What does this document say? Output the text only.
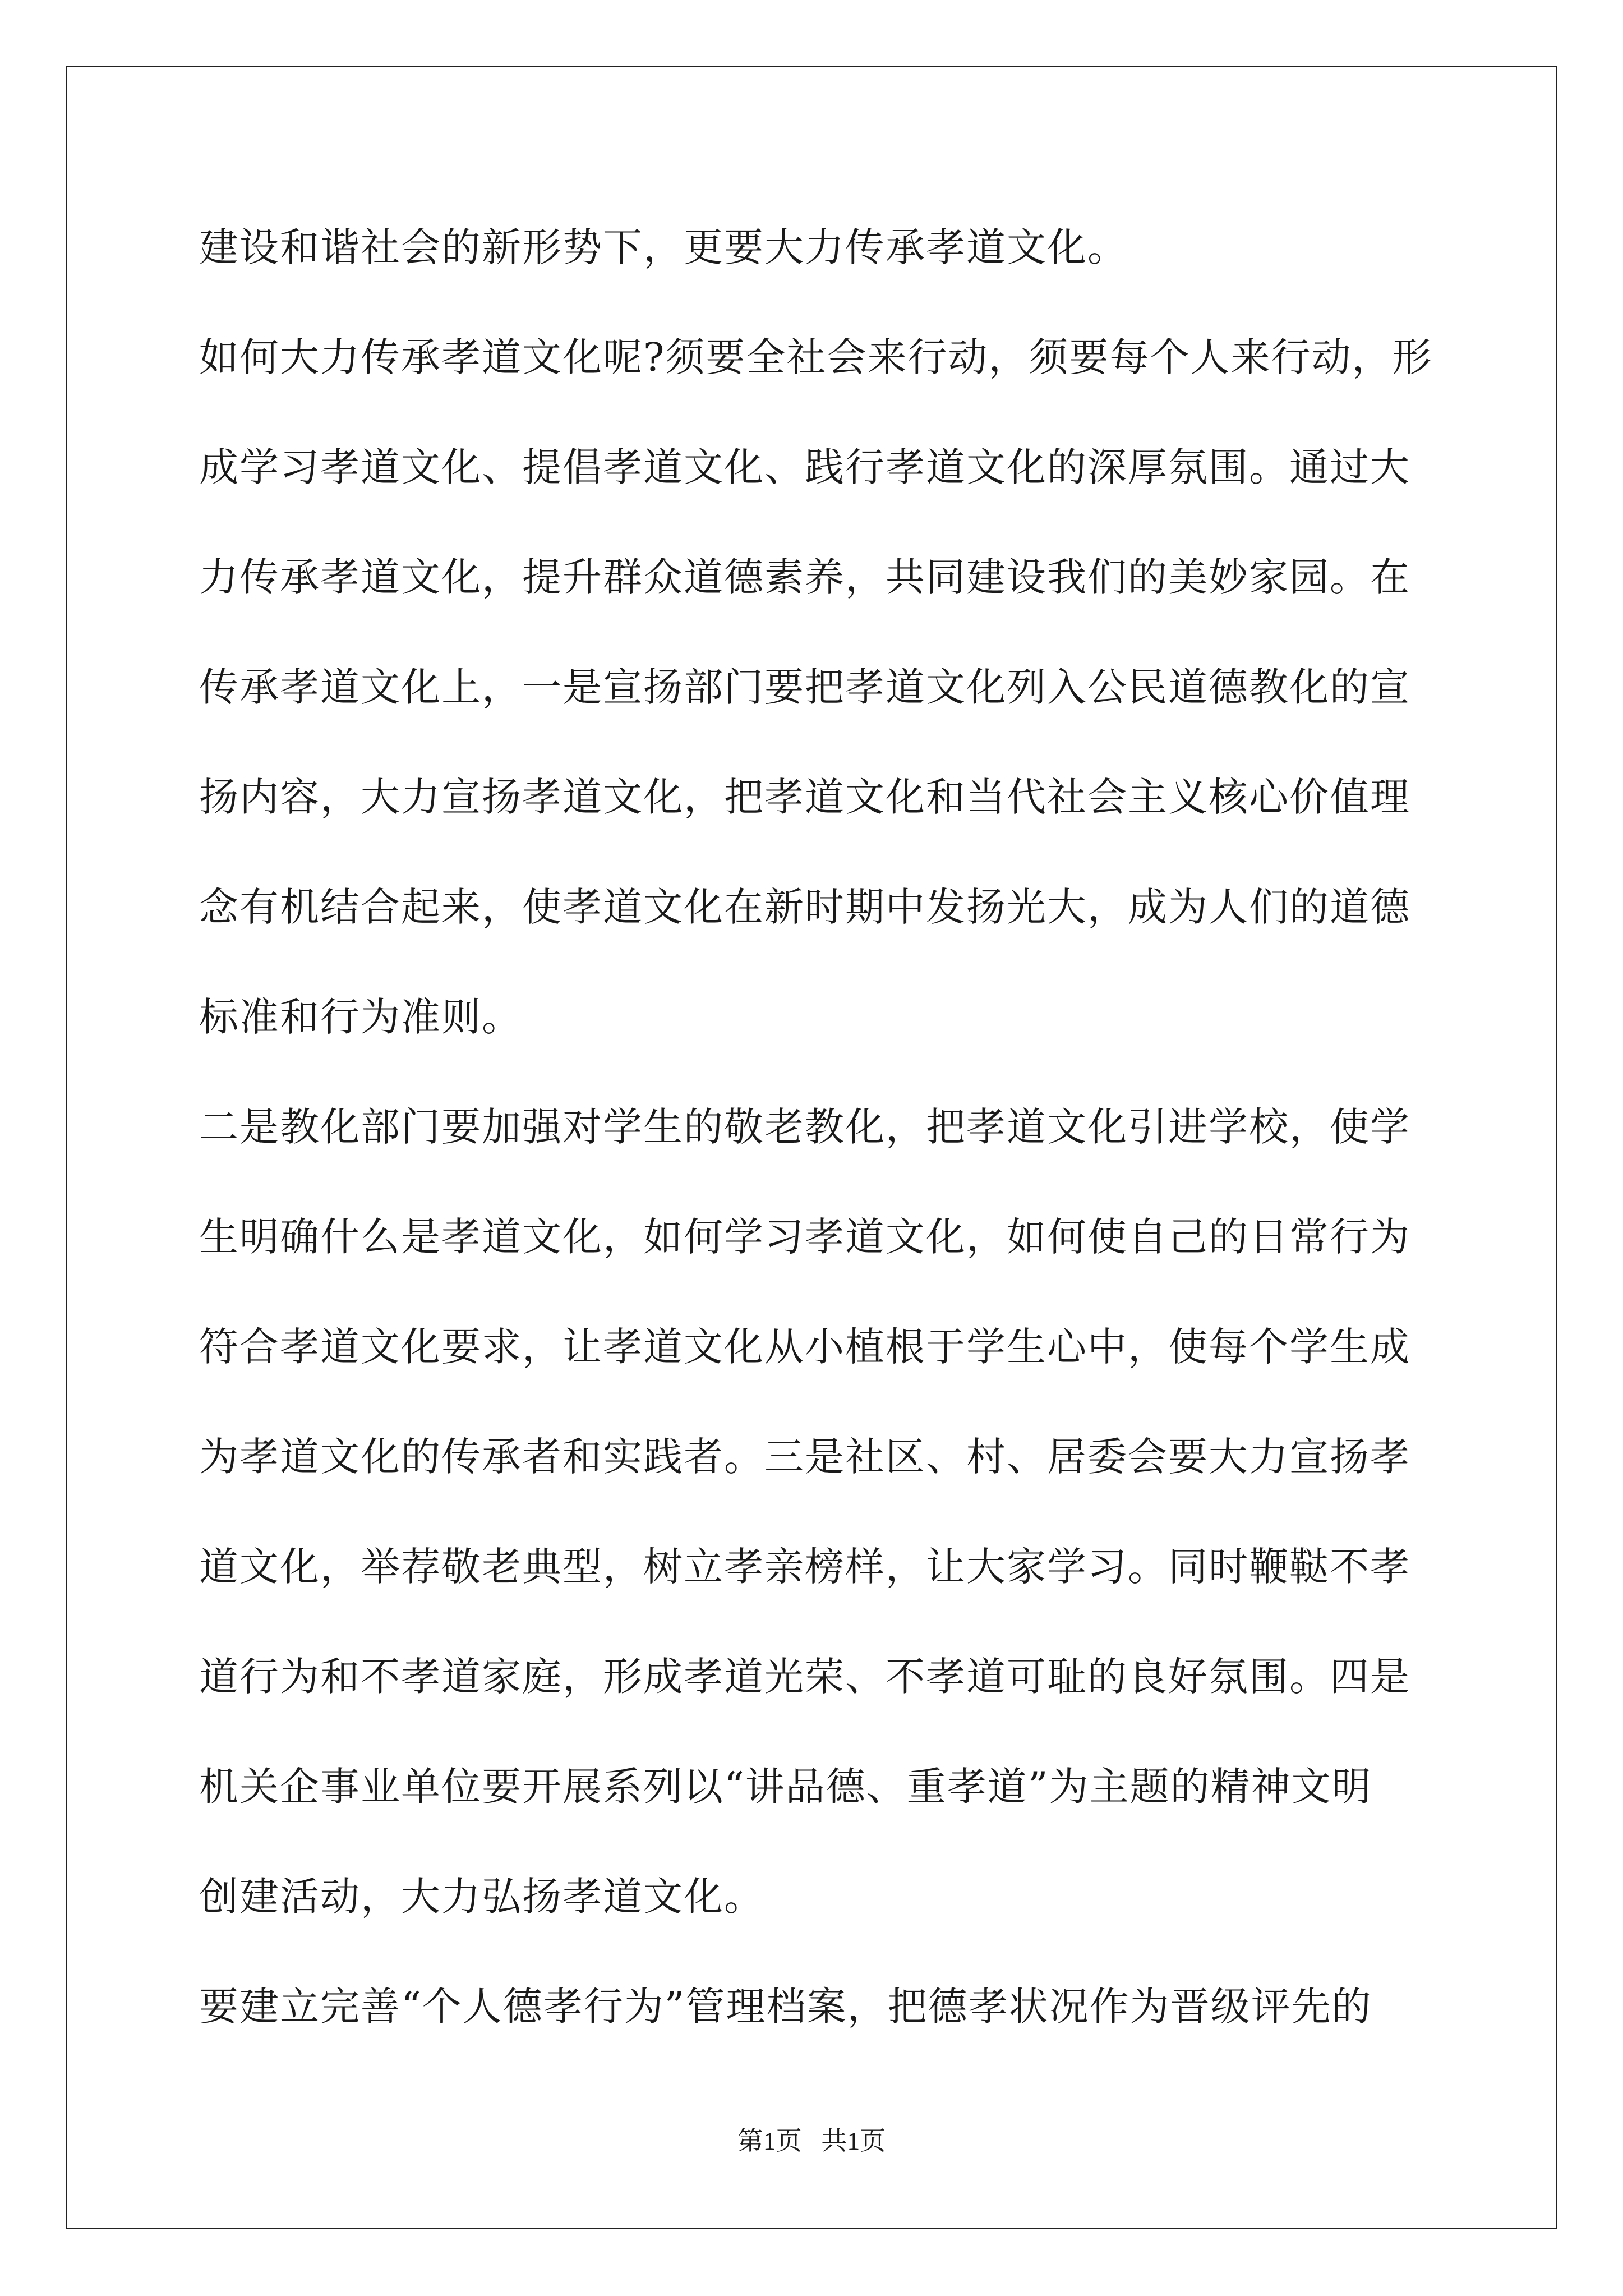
建设和谐社会的新形势下，更要大力传承孝道文化。
如何大力传承孝道文化呢?须要全社会来行动，须要每个人来行动，形
成学习孝道文化、提倡孝道文化、践行孝道文化的深厚氛围。通过大
力传承孝道文化，提升群众道德素养，共同建设我们的美妙家园。在
传承孝道文化上，一是宣扬部门要把孝道文化列入公民道德教化的宣
扬内容，大力宣扬孝道文化，把孝道文化和当代社会主义核心价值理
念有机结合起来，使孝道文化在新时期中发扬光大，成为人们的道德
标准和行为准则。
二是教化部门要加强对学生的敬老教化，把孝道文化引进学校，使学
生明确什么是孝道文化，如何学习孝道文化，如何使自己的日常行为
符合孝道文化要求，让孝道文化从小植根于学生心中，使每个学生成
为孝道文化的传承者和实践者。三是社区、村、居委会要大力宣扬孝
道文化，举荐敬老典型，树立孝亲榜样，让大家学习。同时鞭鞑不孝
道行为和不孝道家庭，形成孝道光荣、不孝道可耻的良好氛围。四是
机关企事业单位要开展系列以“讲品德、重孝道”为主题的精神文明
创建活动，大力弘扬孝道文化。
要建立完善“个人德孝行为”管理档案，把德孝状况作为晋级评先的
第1页   共1页
